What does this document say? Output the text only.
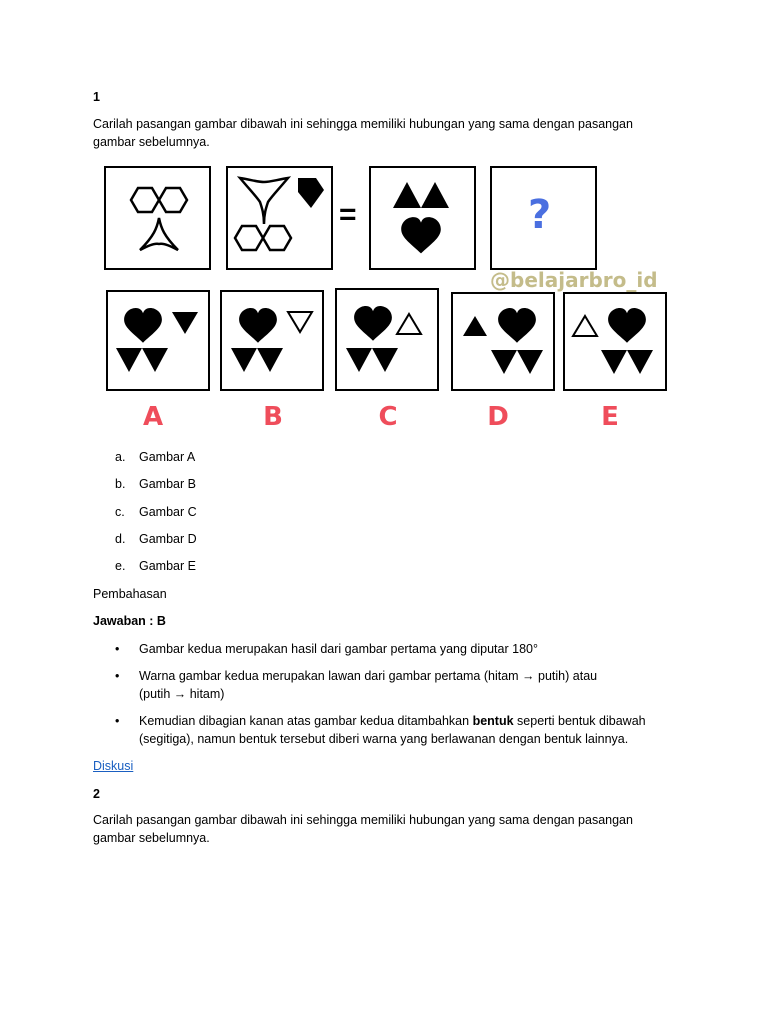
1
Carilah pasangan gambar dibawah ini sehingga memiliki hubungan yang sama dengan pasangan
gambar sebelumnya.
=	?
@belajarbro_id
A	B	C	D	E
a. Gambar A
b. Gambar B
c. Gambar C
d. Gambar D
e. Gambar E
Pembahasan
Jawaban : B
• Gambar kedua merupakan hasil dari gambar pertama yang diputar 180°
• Warna gambar kedua merupakan lawan dari gambar pertama (hitam → putih) atau
(putih → hitam)
• Kemudian dibagian kanan atas gambar kedua ditambahkan bentuk seperti bentuk dibawah
(segitiga), namun bentuk tersebut diberi warna yang berlawanan dengan bentuk lainnya.
Diskusi
2
Carilah pasangan gambar dibawah ini sehingga memiliki hubungan yang sama dengan pasangan
gambar sebelumnya.
